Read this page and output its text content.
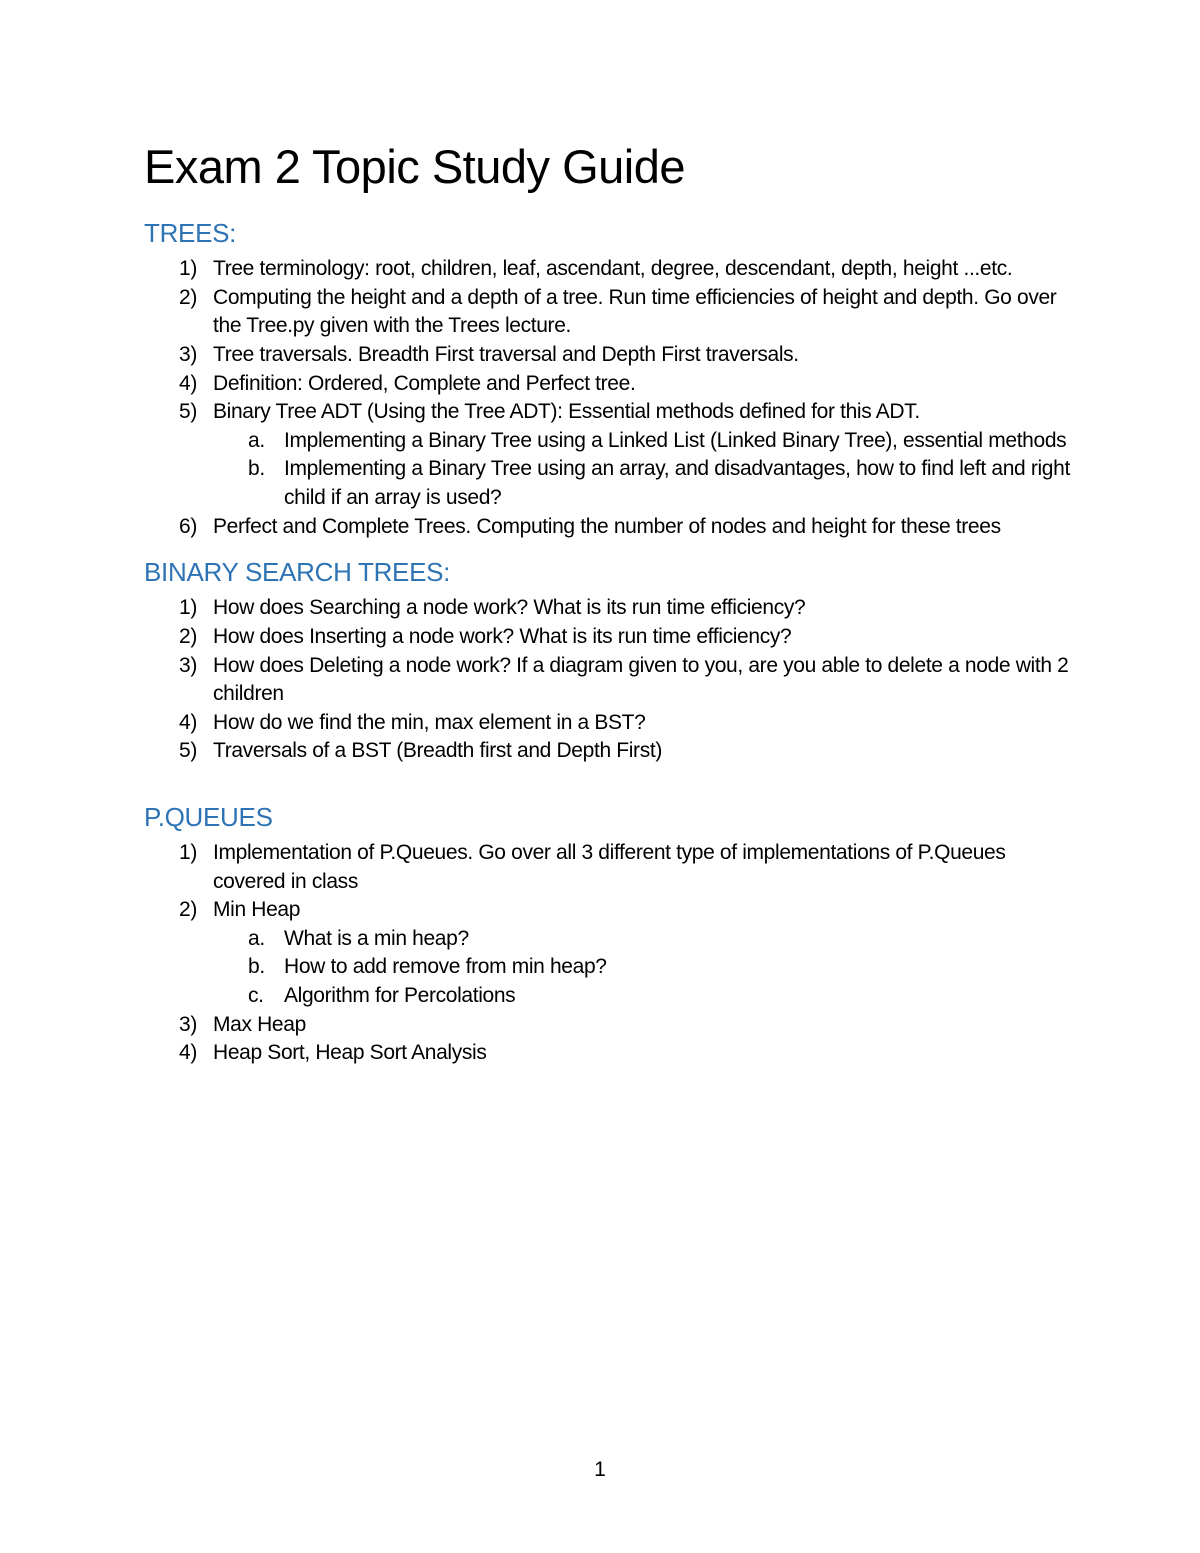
Exam 2 Topic Study Guide
TREES:
1) Tree terminology: root, children, leaf, ascendant, degree, descendant, depth, height ...etc.
2) Computing the height and a depth of a tree. Run time efficiencies of height and depth. Go over the Tree.py given with the Trees lecture.
3) Tree traversals. Breadth First traversal and Depth First traversals.
4) Definition: Ordered, Complete and Perfect tree.
5) Binary Tree ADT (Using the Tree ADT): Essential methods defined for this ADT.
a. Implementing a Binary Tree using a Linked List (Linked Binary Tree), essential methods
b. Implementing a Binary Tree using an array, and disadvantages, how to find left and right child if an array is used?
6) Perfect and Complete Trees. Computing the number of nodes and height for these trees
BINARY SEARCH TREES:
1) How does Searching a node work? What is its run time efficiency?
2) How does Inserting a node work? What is its run time efficiency?
3) How does Deleting a node work? If a diagram given to you, are you able to delete a node with 2 children
4) How do we find the min, max element in a BST?
5) Traversals of a BST (Breadth first and Depth First)
P.QUEUES
1) Implementation of P.Queues. Go over all 3 different type of implementations of P.Queues covered in class
2) Min Heap
a. What is a min heap?
b. How to add remove from min heap?
c. Algorithm for Percolations
3) Max Heap
4) Heap Sort, Heap Sort Analysis
1
